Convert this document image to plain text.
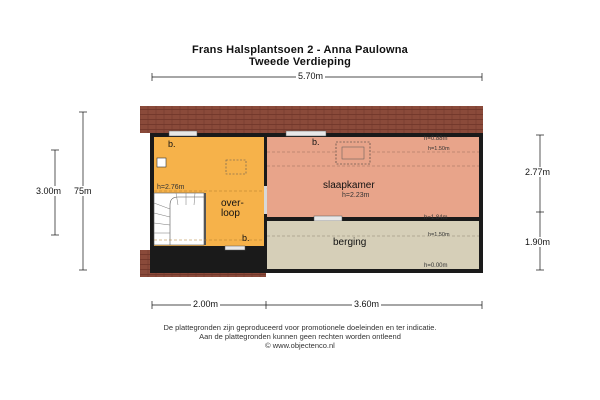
Frans Halsplantsoen 2 - Anna Paulowna
Tweede Verdieping
5.70m
3.00m 75m
2.77m
1.90m
2.00m	3.60m
b.
h=2.76m
over-
loop
b.
b.	h=0.88m
h=1.50m
slaapkamer
h=2.23m
h=1.84m
h=1.50m
berging
h=0.00m
De plattegronden zijn geproduceerd voor promotionele doeleinden en ter indicatie.
Aan de plattegronden kunnen geen rechten worden ontleend
© www.objectenco.nl
